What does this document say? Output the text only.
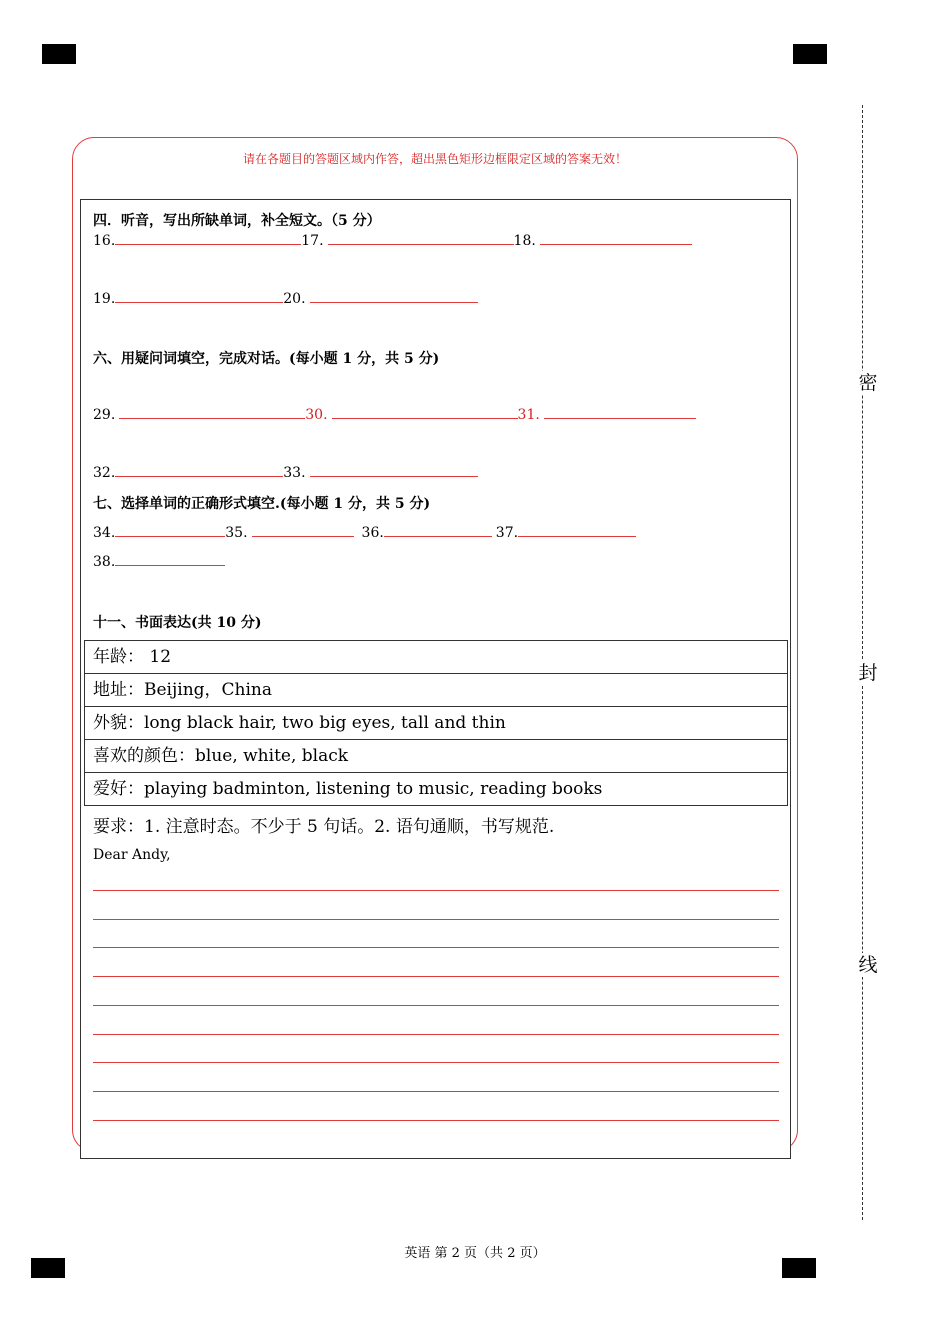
请在各题目的答题区域内作答，超出黑色矩形边框限定区域的答案无效！
四．听音，写出所缺单词，补全短文。（5 分）
16.	17.	18.
19.	20.
六、用疑问词填空，完成对话。(每小题 1 分，共 5 分)
29.	30.	31.
32.	33.
七、选择单词的正确形式填空.(每小题 1 分，共 5 分)
34.	35.	36.	37.
38.
十一、书面表达(共 10 分)
年龄： 12
地址：Beijing，China
外貌：long black hair, two big eyes, tall and thin
喜欢的颜色：blue, white, black
爱好：playing badminton, listening to music, reading books
要求：1. 注意时态。不少于 5 句话。2. 语句通顺，书写规范.
Dear Andy,
密
封
线
英语 第 2 页（共 2 页）
